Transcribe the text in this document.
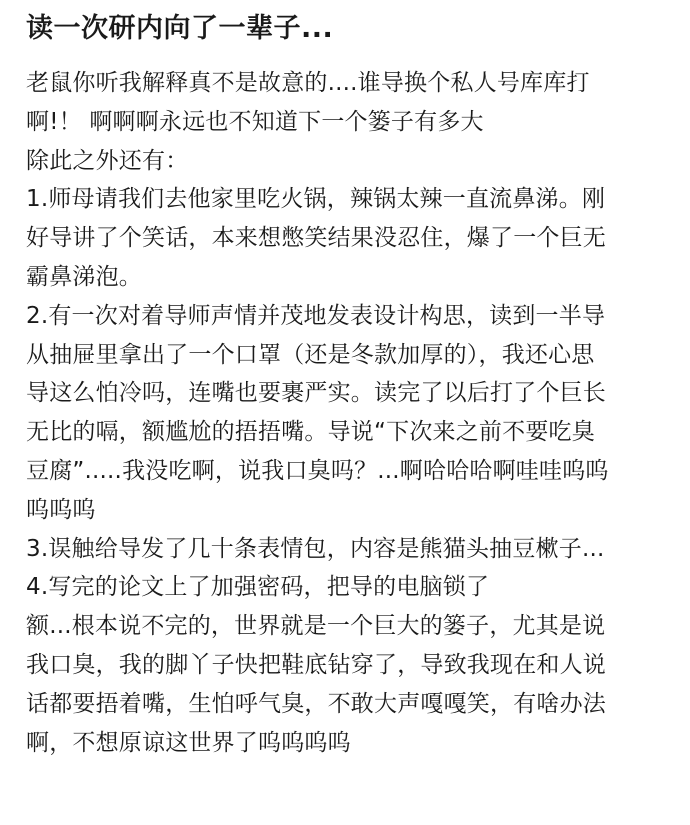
读一次研内向了一辈子...
老鼠你听我解释真不是故意的....谁导换个私人号库库打
啊!！ 啊啊啊永远也不知道下一个篓子有多大
除此之外还有：
1.师母请我们去他家里吃火锅，辣锅太辣一直流鼻涕。刚
好导讲了个笑话，本来想憋笑结果没忍住，爆了一个巨无
霸鼻涕泡。
2.有一次对着导师声情并茂地发表设计构思，读到一半导
从抽屉里拿出了一个口罩（还是冬款加厚的），我还心思
导这么怕冷吗，连嘴也要裹严实。读完了以后打了个巨长
无比的嗝，额尴尬的捂捂嘴。导说“下次来之前不要吃臭
豆腐”.....我没吃啊，说我口臭吗？...啊哈哈哈啊哇哇呜呜
呜呜呜
3.误触给导发了几十条表情包，内容是熊猫头抽豆樕子...
4.写完的论文上了加强密码，把导的电脑锁了
额...根本说不完的，世界就是一个巨大的篓子，尤其是说
我口臭，我的脚丫子快把鞋底钻穿了，导致我现在和人说
话都要捂着嘴，生怕呼气臭，不敢大声嘎嘎笑，有啥办法
啊，不想原谅这世界了呜呜呜呜
